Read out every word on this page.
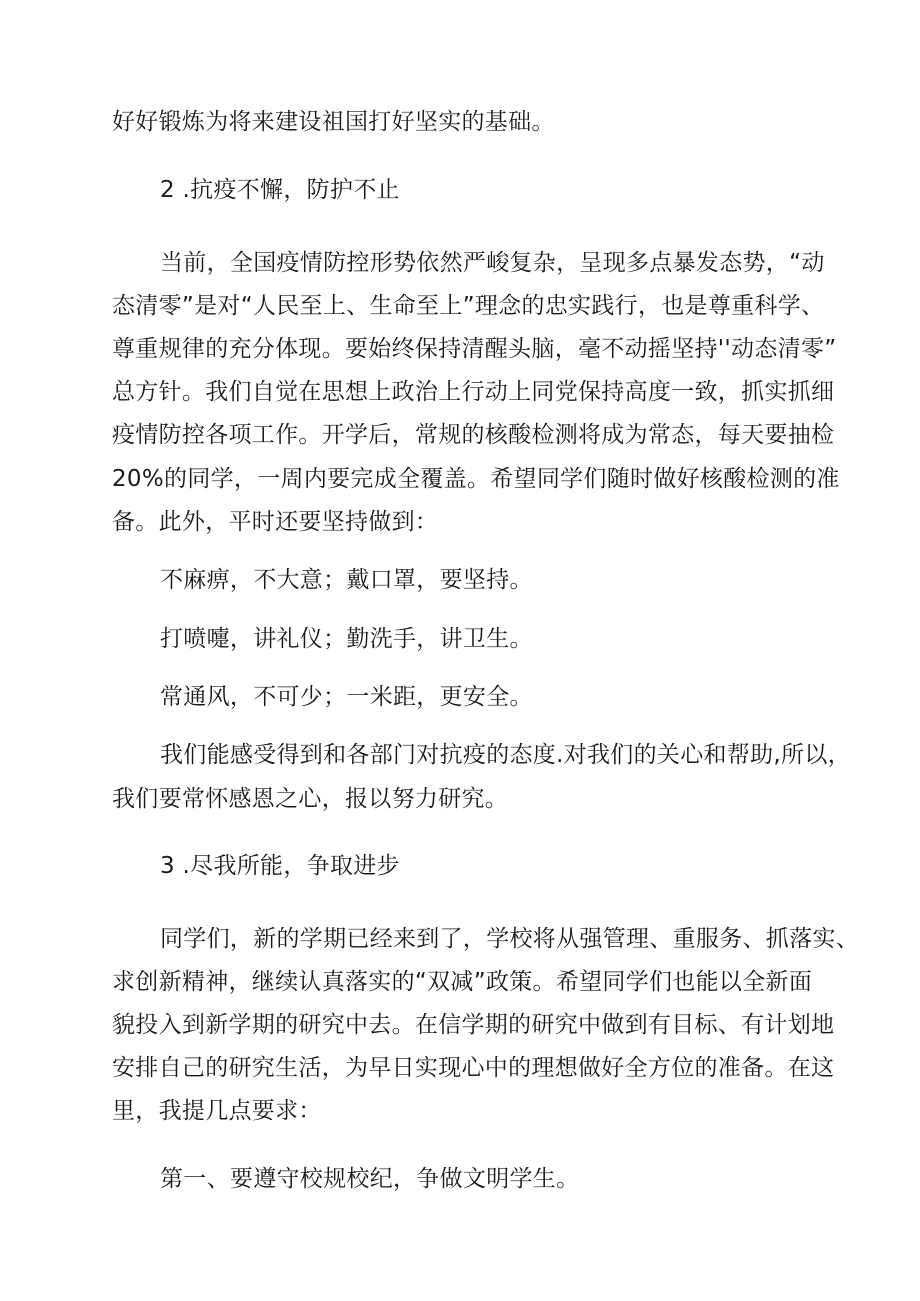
好好锻炼为将来建设祖国打好坚实的基础。
2 .抗疫不懈，防护不止
当前，全国疫情防控形势依然严峻复杂，呈现多点暴发态势，“动
态清零”是对“人民至上、生命至上”理念的忠实践行，也是尊重科学、
尊重规律的充分体现。要始终保持清醒头脑，毫不动摇坚持''动态清零”
总方针。我们自觉在思想上政治上行动上同党保持高度一致，抓实抓细
疫情防控各项工作。开学后，常规的核酸检测将成为常态，每天要抽检
20%的同学，一周内要完成全覆盖。希望同学们随时做好核酸检测的准
备。此外，平时还要坚持做到：
不麻痹，不大意；戴口罩，要坚持。
打喷嚏，讲礼仪；勤洗手，讲卫生。
常通风，不可少；一米距，更安全。
我们能感受得到和各部门对抗疫的态度.对我们的关心和帮助,所以，
我们要常怀感恩之心，报以努力研究。
3 .尽我所能，争取进步
同学们，新的学期已经来到了，学校将从强管理、重服务、抓落实、
求创新精神，继续认真落实的“双减”政策。希望同学们也能以全新面
貌投入到新学期的研究中去。在信学期的研究中做到有目标、有计划地
安排自己的研究生活，为早日实现心中的理想做好全方位的准备。在这
里，我提几点要求：
第一、要遵守校规校纪，争做文明学生。
